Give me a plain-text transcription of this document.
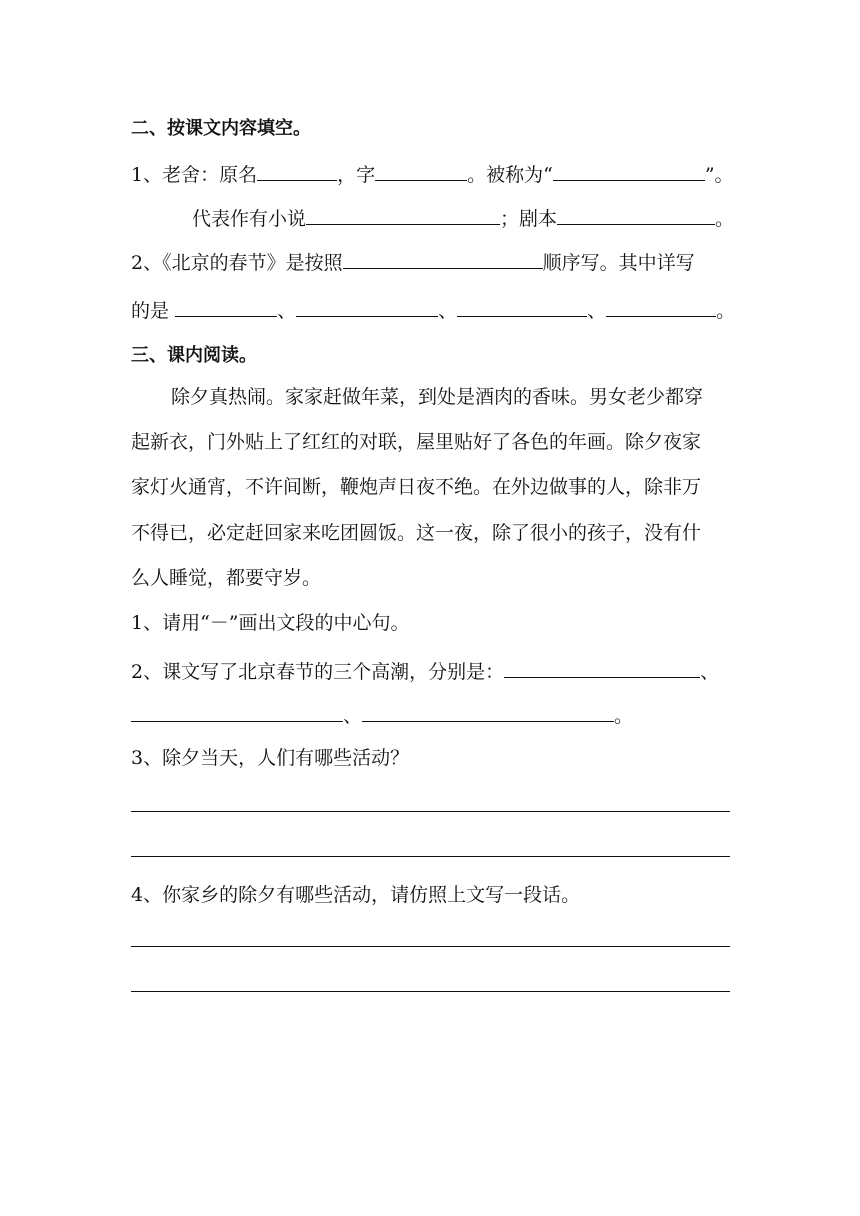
二、按课文内容填空。
1、老舍：原名	，字	。被称为“	”。
代表作有小说	；剧本	。
2、《北京的春节》是按照	顺序写。其中详写
的是	、	、	、	。
三、课内阅读。
除夕真热闹。家家赶做年菜，到处是酒肉的香味。男女老少都穿
起新衣，门外贴上了红红的对联，屋里贴好了各色的年画。除夕夜家
家灯火通宵，不许间断，鞭炮声日夜不绝。在外边做事的人，除非万
不得已，必定赶回家来吃团圆饭。这一夜，除了很小的孩子，没有什
么人睡觉，都要守岁。
1、请用“－”画出文段的中心句。
2、课文写了北京春节的三个高潮，分别是：	、
、	。
3、除夕当天，人们有哪些活动？
4、你家乡的除夕有哪些活动，请仿照上文写一段话。
